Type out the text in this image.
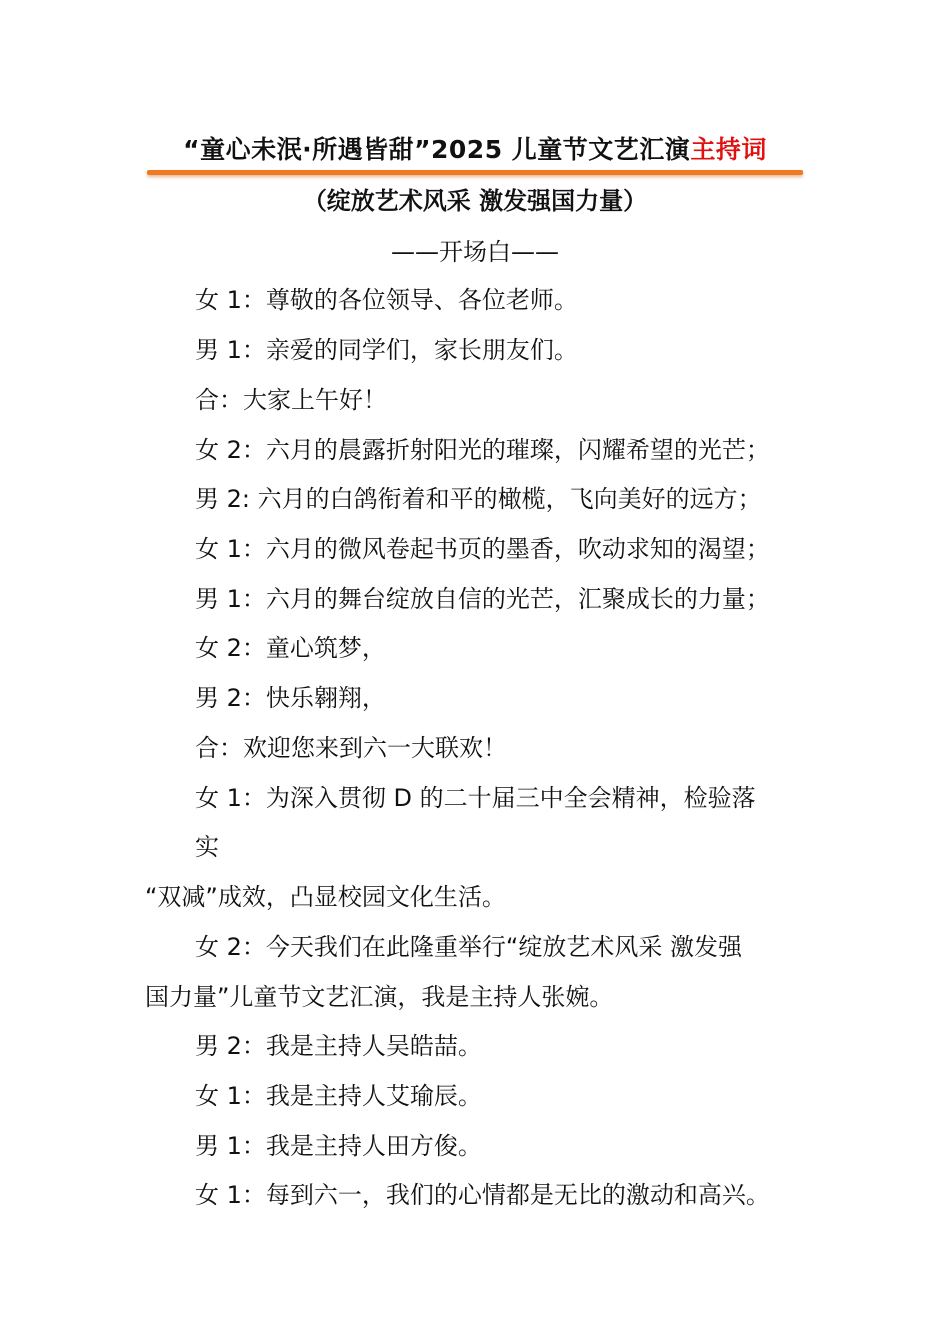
“童心未泯·所遇皆甜”2025 儿童节文艺汇演主持词
（绽放艺术风采 激发强国力量）
——开场白——
女 1：尊敬的各位领导、各位老师。
男 1：亲爱的同学们，家长朋友们。
合：大家上午好！
女 2：六月的晨露折射阳光的璀璨，闪耀希望的光芒；
男 2: 六月的白鸽衔着和平的橄榄，飞向美好的远方；
女 1：六月的微风卷起书页的墨香，吹动求知的渴望；
男 1：六月的舞台绽放自信的光芒，汇聚成长的力量；
女 2：童心筑梦，
男 2：快乐翱翔，
合：欢迎您来到六一大联欢！
女 1：为深入贯彻 D 的二十届三中全会精神，检验落
实
“双减”成效，凸显校园文化生活。
女 2：今天我们在此隆重举行“绽放艺术风采 激发强
国力量”儿童节文艺汇演，我是主持人张婉。
男 2：我是主持人吴皓喆。
女 1：我是主持人艾瑜辰。
男 1：我是主持人田方俊。
女 1：每到六一，我们的心情都是无比的激动和高兴。
